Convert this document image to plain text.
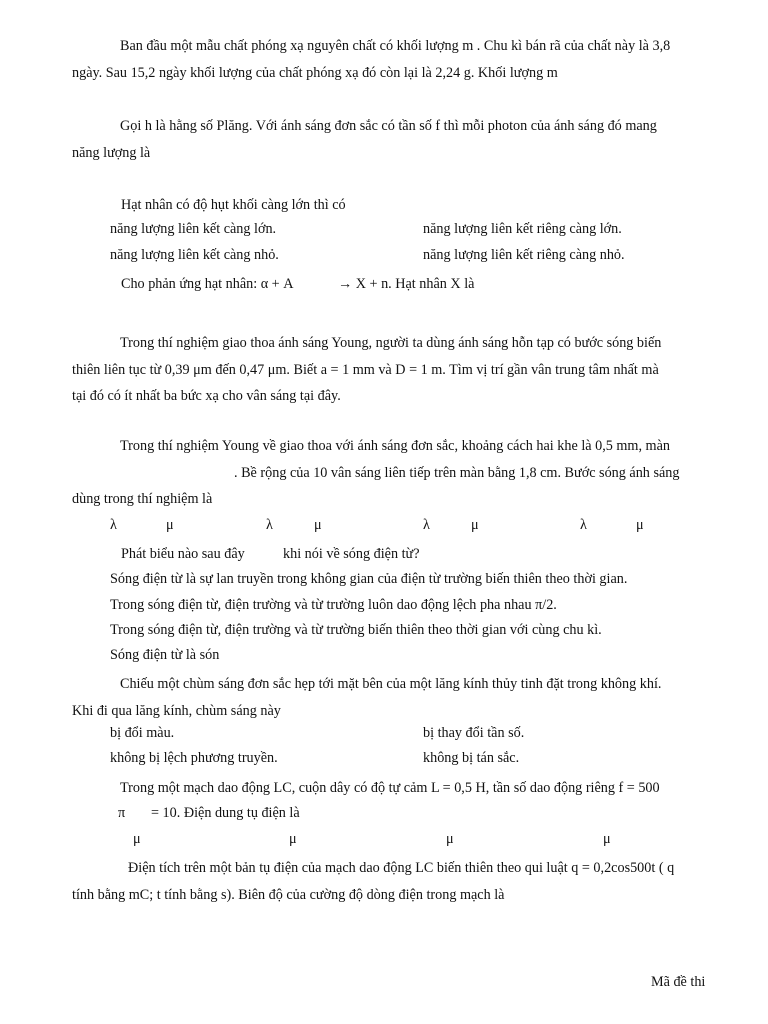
Ban đầu một mẫu chất phóng xạ nguyên chất có khối lượng m . Chu kì bán rã của chất này là 3,8
ngày. Sau 15,2 ngày khối lượng của chất phóng xạ đó còn lại là 2,24 g. Khối lượng m
Gọi h là hằng số Plăng. Với ánh sáng đơn sắc có tần số f thì mỗi photon của ánh sáng đó mang
năng lượng là
Hạt nhân có độ hụt khối càng lớn thì có
năng lượng liên kết càng lớn.	năng lượng liên kết riêng càng lớn.
năng lượng liên kết càng nhỏ.	năng lượng liên kết riêng càng nhỏ.
Cho phản ứng hạt nhân: α + A	→ X + n. Hạt nhân X là
Trong thí nghiệm giao thoa ánh sáng Young, người ta dùng ánh sáng hỗn tạp có bước sóng biến
thiên liên tục từ 0,39 μm đến 0,47 μm. Biết a = 1 mm và D = 1 m. Tìm vị trí gần vân trung tâm nhất mà
tại đó có ít nhất ba bức xạ cho vân sáng tại đây.
Trong thí nghiệm Young về giao thoa với ánh sáng đơn sắc, khoảng cách hai khe là 0,5 mm, màn
. Bề rộng của 10 vân sáng liên tiếp trên màn bằng 1,8 cm. Bước sóng ánh sáng
dùng trong thí nghiệm là
λ	μ	λ	μ	λ	μ	λ	μ
Phát biểu nào sau đây	khi nói về sóng điện từ?
Sóng điện từ là sự lan truyền trong không gian của điện từ trường biến thiên theo thời gian.
Trong sóng điện từ, điện trường và từ trường luôn dao động lệch pha nhau π/2.
Trong sóng điện từ, điện trường và từ trường biến thiên theo thời gian với cùng chu kì.
Sóng điện từ là són
Chiếu một chùm sáng đơn sắc hẹp tới mặt bên của một lăng kính thủy tinh đặt trong không khí.
Khi đi qua lăng kính, chùm sáng này
bị đổi màu.	bị thay đổi tần số.
không bị lệch phương truyền.	không bị tán sắc.
Trong một mạch dao động LC, cuộn dây có độ tự cảm L = 0,5 H, tần số dao động riêng f = 500
π = 10. Điện dung tụ điện là
μ	μ	μ	μ
Điện tích trên một bản tụ điện của mạch dao động LC biến thiên theo qui luật q = 0,2cos500t ( q
tính bằng mC; t tính bằng s). Biên độ của cường độ dòng điện trong mạch là
Mã đề thi
